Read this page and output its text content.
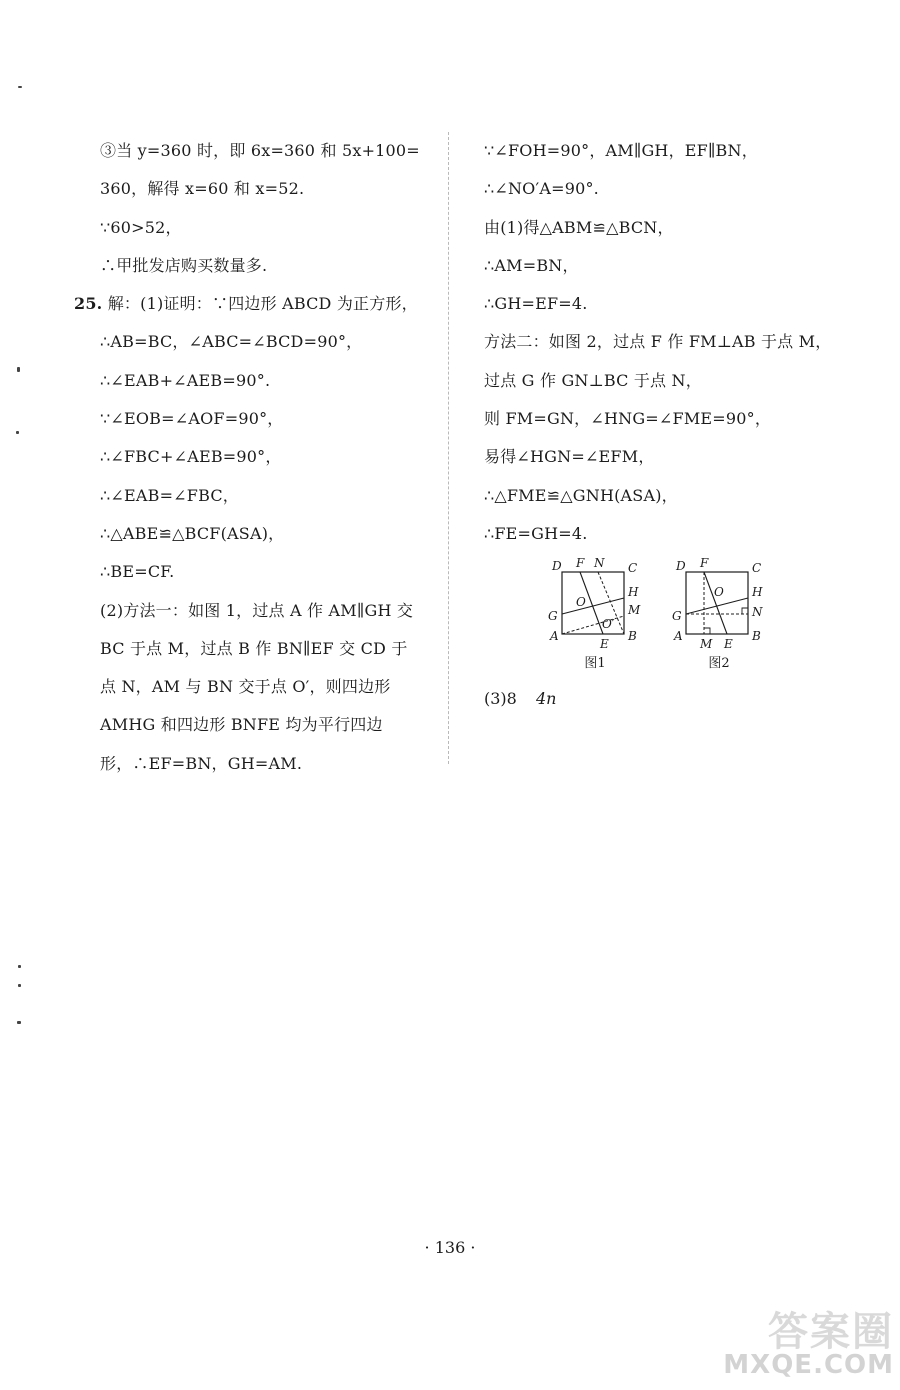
③当 y=360 时，即 6x=360 和 5x+100=
360，解得 x=60 和 x=52.
∵60>52，
∴甲批发店购买数量多.
25. 解：(1)证明：∵四边形 ABCD 为正方形，
∴AB=BC，∠ABC=∠BCD=90°，
∴∠EAB+∠AEB=90°.
∵∠EOB=∠AOF=90°，
∴∠FBC+∠AEB=90°，
∴∠EAB=∠FBC，
∴△ABE≌△BCF(ASA)，
∴BE=CF.
(2)方法一：如图 1，过点 A 作 AM∥GH 交
BC 于点 M，过点 B 作 BN∥EF 交 CD 于
点 N，AM 与 BN 交于点 O′，则四边形
AMHG 和四边形 BNFE 均为平行四边
形，∴EF=BN，GH=AM.
∵∠FOH=90°，AM∥GH，EF∥BN，
∴∠NO′A=90°.
由(1)得△ABM≌△BCN，
∴AM=BN，
∴GH=EF=4.
方法二：如图 2，过点 F 作 FM⊥AB 于点 M，
过点 G 作 GN⊥BC 于点 N，
则 FM=GN，∠HNG=∠FME=90°，
易得∠HGN=∠EFM，
∴△FME≌△GNH(ASA)，
∴FE=GH=4.
D F N C
H
O
M
G
O′
A
E
B
图1
D F	C
H
O
N
G
A
M E
B
图2
(3)8 4n
· 136 ·
答案圈
MXQE.COM
